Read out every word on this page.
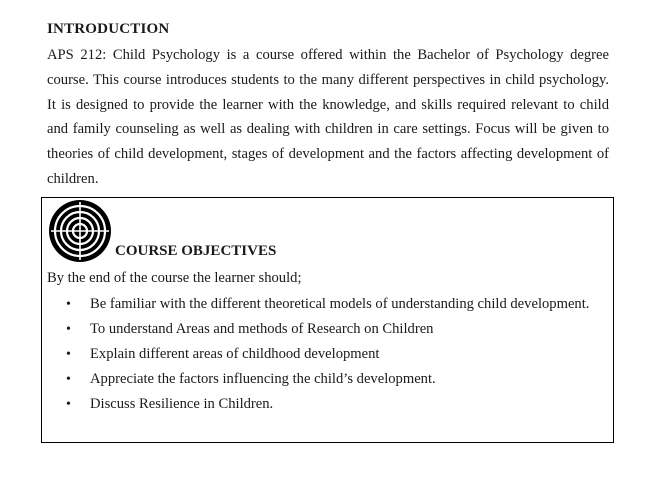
INTRODUCTION

APS 212: Child Psychology is a course offered within the Bachelor of Psychology degree course. This course introduces students to the many different perspectives in child psychology. It is designed to provide the learner with the knowledge, and skills required relevant to child and family counseling as well as dealing with children in care settings. Focus will be given to theories of child development, stages of development and the factors affecting development of children.

COURSE OBJECTIVES

By the end of the course the learner should;

• Be familiar with the different theoretical models of understanding child development.
• To understand Areas and methods of Research on Children
• Explain different areas of childhood development
• Appreciate the factors influencing the child’s development.
• Discuss Resilience in Children.
